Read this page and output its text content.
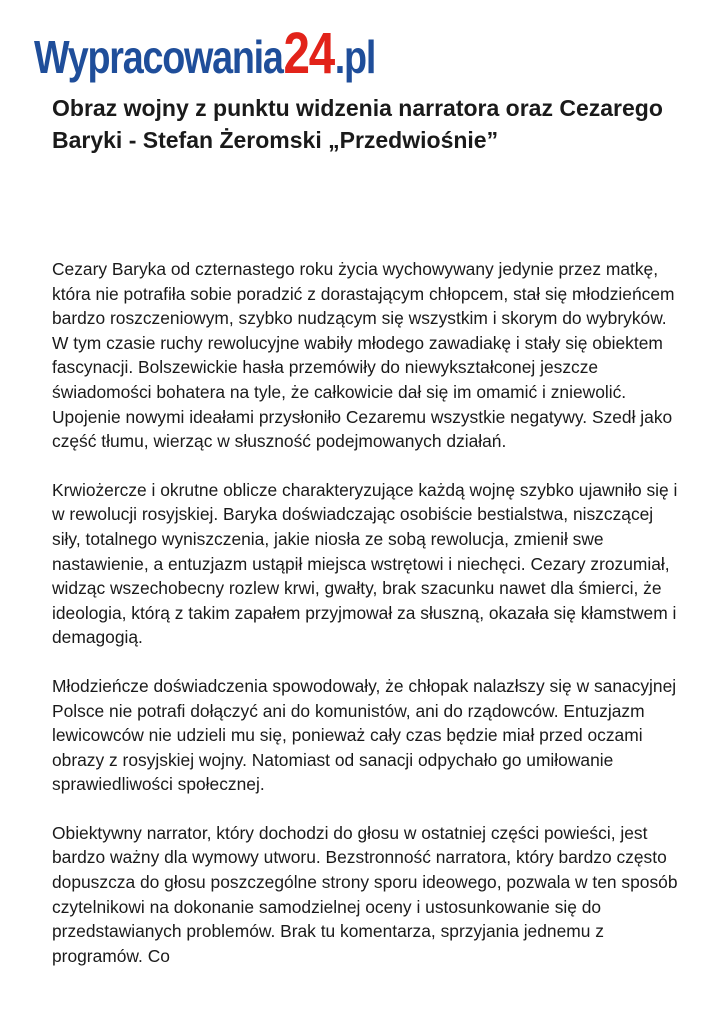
Wypracowania 24 .pl
Obraz wojny z punktu widzenia narratora oraz Cezarego Baryki - Stefan Żeromski „Przedwiośnie”

Cezary Baryka od czternastego roku życia wychowywany jedynie przez matkę, która nie potrafiła sobie poradzić z dorastającym chłopcem, stał się młodzieńcem bardzo roszczeniowym, szybko nudzącym się wszystkim i skorym do wybryków. W tym czasie ruchy rewolucyjne wabiły młodego zawadiakę i stały się obiektem fascynacji. Bolszewickie hasła przemówiły do niewykształconej jeszcze świadomości bohatera na tyle, że całkowicie dał się im omamić i zniewolić. Upojenie nowymi ideałami przysłoniło Cezaremu wszystkie negatywy. Szedł jako część tłumu, wierząc w słuszność podejmowanych działań.

Krwiożercze i okrutne oblicze charakteryzujące każdą wojnę szybko ujawniło się i w rewolucji rosyjskiej. Baryka doświadczając osobiście bestialstwa, niszczącej siły, totalnego wyniszczenia, jakie niosła ze sobą rewolucja, zmienił swe nastawienie, a entuzjazm ustąpił miejsca wstrętowi i niechęci. Cezary zrozumiał, widząc wszechobecny rozlew krwi, gwałty, brak szacunku nawet dla śmierci, że ideologia, którą z takim zapałem przyjmował za słuszną, okazała się kłamstwem i demagogią.

Młodzieńcze doświadczenia spowodowały, że chłopak nalazłszy się w sanacyjnej Polsce nie potrafi dołączyć ani do komunistów, ani do rządowców. Entuzjazm lewicowców nie udzieli mu się, ponieważ cały czas będzie miał przed oczami obrazy z rosyjskiej wojny. Natomiast od sanacji odpychało go umiłowanie sprawiedliwości społecznej.

Obiektywny narrator, który dochodzi do głosu w ostatniej części powieści, jest bardzo ważny dla wymowy utworu. Bezstronność narratora, który bardzo często dopuszcza do głosu poszczególne strony sporu ideowego, pozwala w ten sposób czytelnikowi na dokonanie samodzielnej oceny i ustosunkowanie się do przedstawianych problemów. Brak tu komentarza, sprzyjania jednemu z programów. Co
